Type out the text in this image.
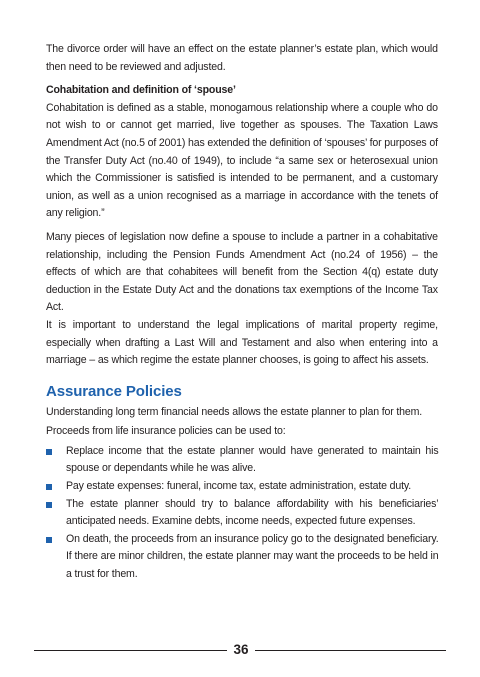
The divorce order will have an effect on the estate planner’s estate plan, which would then need to be reviewed and adjusted.

Cohabitation and definition of ‘spouse’

Cohabitation is defined as a stable, monogamous relationship where a couple who do not wish to or cannot get married, live together as spouses. The Taxation Laws Amendment Act (no.5 of 2001) has extended the definition of ‘spouses’ for purposes of the Transfer Duty Act (no.40 of 1949), to include “a same sex or heterosexual union which the Commissioner is satisfied is intended to be permanent, and a customary union, as well as a union recognised as a marriage in accordance with the tenets of any religion.”

Many pieces of legislation now define a spouse to include a partner in a cohabitative relationship, including the Pension Funds Amendment Act (no.24 of 1956) – the effects of which are that cohabitees will benefit from the Section 4(q) estate duty deduction in the Estate Duty Act and the donations tax exemptions of the Income Tax Act.

It is important to understand the legal implications of marital property regime, especially when drafting a Last Will and Testament and also when entering into a marriage – as which regime the estate planner chooses, is going to affect his assets.

Assurance Policies

Understanding long term financial needs allows the estate planner to plan for them.

Proceeds from life insurance policies can be used to:

Replace income that the estate planner would have generated to maintain his spouse or dependants while he was alive.

Pay estate expenses: funeral, income tax, estate administration, estate duty.

The estate planner should try to balance affordability with his beneficiaries’ anticipated needs. Examine debts, income needs, expected future expenses.

On death, the proceeds from an insurance policy go to the designated beneficiary. If there are minor children, the estate planner may want the proceeds to be held in a trust for them.

36
